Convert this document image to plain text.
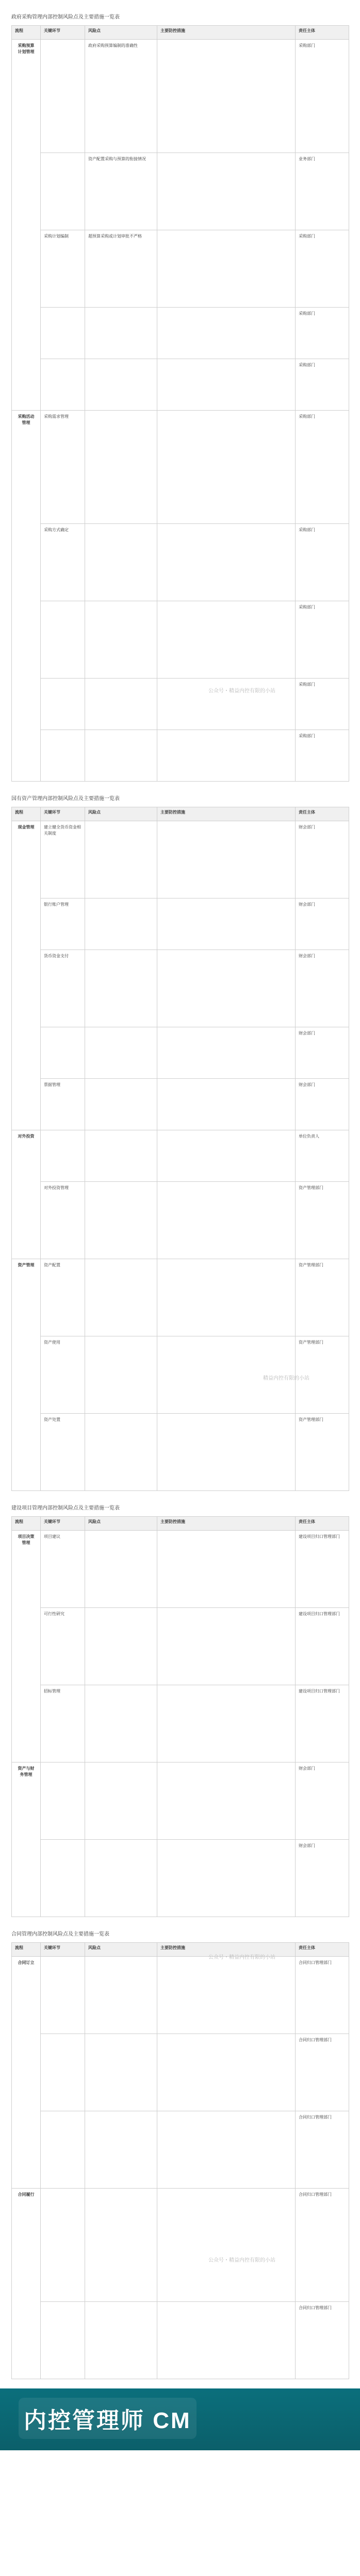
政府采购管理内部控制风险点及主要措施一览表
流程	关键环节	风险点	主要防控措施	责任主体
采购预算计划管理		政府采购预算编制的准确性		采购部门
		资产配置采购与预算的衔接情况		业务部门
	采购计划编制	超预算采购或计划审批不严格		采购部门
				采购部门
				采购部门
采购活动管理	采购需求管理			采购部门
	采购方式确定			采购部门
				采购部门
				采购部门
				采购部门
国有资产管理内部控制风险点及主要措施一览表
流程	关键环节	风险点	主要防控措施	责任主体
现金管理	建立健全货币资金相关制度			财会部门
	银行账户管理			财会部门
	货币资金支付			财会部门
				财会部门
	票据管理			财会部门
对外投资				单位负责人
	对外投资管理			资产管理部门
资产管理	资产配置			资产管理部门
	资产使用			资产管理部门
	资产处置			资产管理部门
建设项目管理内部控制风险点及主要措施一览表
流程	关键环节	风险点	主要防控措施	责任主体
项目决策管理	项目建议			建设项目归口管理部门
	可行性研究			建设项目归口管理部门
	招标管理			建设项目归口管理部门
资产与财务管理				财会部门
				财会部门
合同管理内部控制风险点及主要措施一览表
流程	关键环节	风险点	主要防控措施	责任主体
合同订立				合同归口管理部门
				合同归口管理部门
				合同归口管理部门
合同履行				合同归口管理部门
				合同归口管理部门
公众号・精益内控有限的小站
精益内控有限的小站
公众号・精益内控有限的小站
公众号・精益内控有限的小站
内控管理师 CM
